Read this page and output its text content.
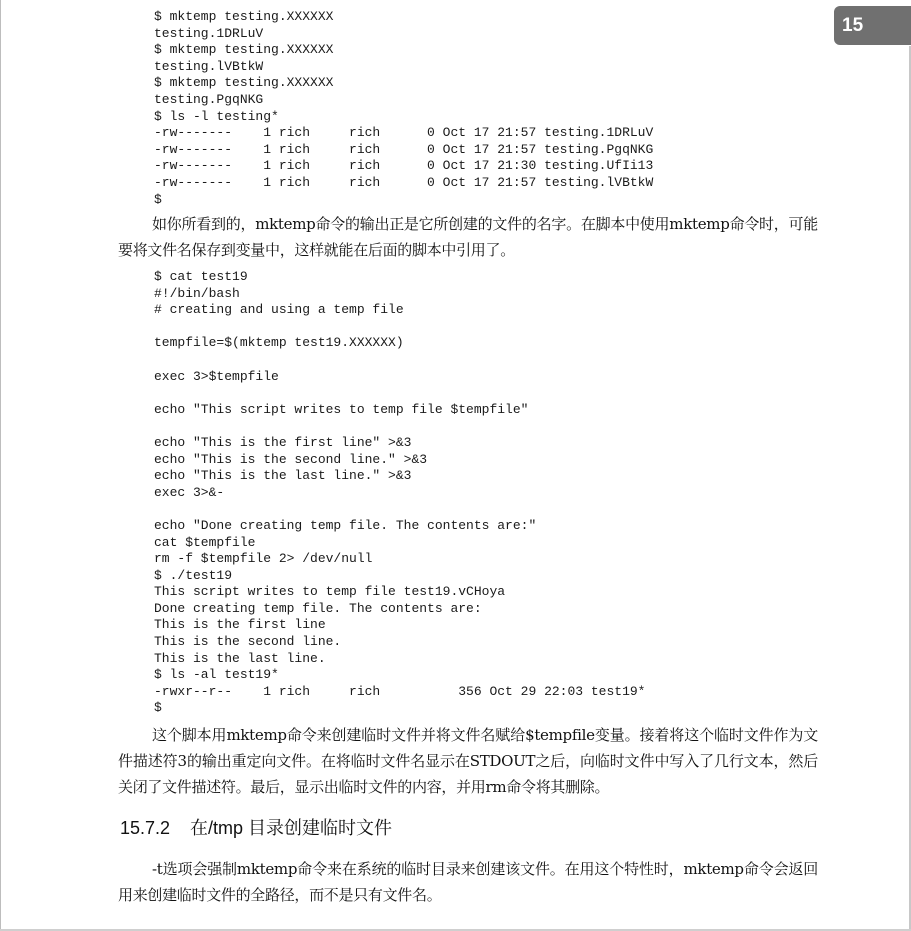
15
$ mktemp testing.XXXXXX
testing.1DRLuV
$ mktemp testing.XXXXXX
testing.lVBtkW
$ mktemp testing.XXXXXX
testing.PgqNKG
$ ls -l testing*
-rw-------    1 rich     rich      0 Oct 17 21:57 testing.1DRLuV
-rw-------    1 rich     rich      0 Oct 17 21:57 testing.PgqNKG
-rw-------    1 rich     rich      0 Oct 17 21:30 testing.UfIi13
-rw-------    1 rich     rich      0 Oct 17 21:57 testing.lVBtkW
$

如你所看到的，mktemp命令的输出正是它所创建的文件的名字。在脚本中使用mktemp命令时，可能要将文件名保存到变量中，这样就能在后面的脚本中引用了。

$ cat test19
#!/bin/bash
# creating and using a temp file

tempfile=$(mktemp test19.XXXXXX)

exec 3>$tempfile

echo "This script writes to temp file $tempfile"

echo "This is the first line" >&3
echo "This is the second line." >&3
echo "This is the last line." >&3
exec 3>&-

echo "Done creating temp file. The contents are:"
cat $tempfile
rm -f $tempfile 2> /dev/null
$ ./test19
This script writes to temp file test19.vCHoya
Done creating temp file. The contents are:
This is the first line
This is the second line.
This is the last line.
$ ls -al test19*
-rwxr--r--    1 rich     rich          356 Oct 29 22:03 test19*
$

这个脚本用mktemp命令来创建临时文件并将文件名赋给$tempfile变量。接着将这个临时文件作为文件描述符3的输出重定向文件。在将临时文件名显示在STDOUT之后，向临时文件中写入了几行文本，然后关闭了文件描述符。最后，显示出临时文件的内容，并用rm命令将其删除。

15.7.2 在/tmp 目录创建临时文件

-t选项会强制mktemp命令来在系统的临时目录来创建该文件。在用这个特性时，mktemp命令会返回用来创建临时文件的全路径，而不是只有文件名。
